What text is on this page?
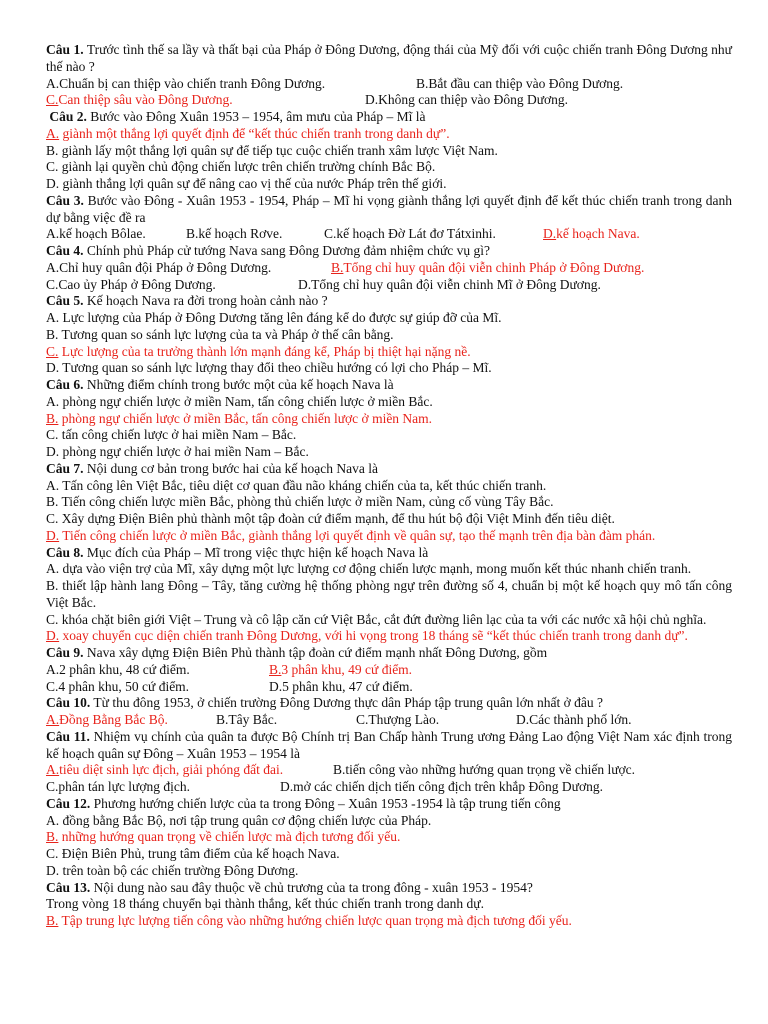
Câu 1. Trước tình thế sa lầy và thất bại của Pháp ở Đông Dương, động thái của Mỹ đối với cuộc chiến tranh Đông Dương như thế nào ?
A.Chuẩn bị can thiệp vào chiến tranh Đông Dương.	B.Bắt đầu can thiệp vào Đông Dương.
C.Can thiệp sâu vào Đông Dương.	D.Không can thiệp vào Đông Dương.
Câu 2. Bước vào Đông Xuân 1953 – 1954, âm mưu của Pháp – Mĩ là
A. giành một thắng lợi quyết định để “kết thúc chiến tranh trong danh dự”.
B. giành lấy một thắng lợi quân sự để tiếp tục cuộc chiến tranh xâm lược Việt Nam.
C. giành lại quyền chủ động chiến lược trên chiến trường chính Bắc Bộ.
D. giành thắng lợi quân sự để nâng cao vị thế của nước Pháp trên thế giới.
Câu 3. Bước vào Đông - Xuân 1953 - 1954, Pháp – Mĩ hi vọng giành thắng lợi quyết định để kết thúc chiến tranh trong danh dự bằng việc đề ra
A.kế hoạch Bôlae.	B.kế hoạch Rơve.	C.kế hoạch Đờ Lát đơ Tátxinhi.	D.kế hoạch Nava.
Câu 4. Chính phủ Pháp cử tướng Nava sang Đông Dương đảm nhiệm chức vụ gì?
A.Chỉ huy quân đội Pháp ở Đông Dương.	B.Tổng chỉ huy quân đội viễn chinh Pháp ở Đông Dương.
C.Cao ủy Pháp ở Đông Dương.	D.Tổng chỉ huy quân đội viễn chinh Mĩ ở Đông Dương.
Câu 5. Kế hoạch Nava ra đời trong hoàn cảnh nào ?
A. Lực lượng của Pháp ở Đông Dương tăng lên đáng kể do được sự giúp đỡ của Mĩ.
B. Tương quan so sánh lực lượng của ta và Pháp ở thế cân bằng.
C. Lực lượng của ta trưởng thành lớn mạnh đáng kể, Pháp bị thiệt hại nặng nề.
D. Tương quan so sánh lực lượng thay đổi theo chiều hướng có lợi cho Pháp – Mĩ.
Câu 6. Những điểm chính trong bước một của kế hoạch Nava là
A. phòng ngự chiến lược ở miền Nam, tấn công chiến lược ở miền Bắc.
B. phòng ngự chiến lược ở miền Bắc, tấn công chiến lược ở miền Nam.
C. tấn công chiến lược ở hai miền Nam – Bắc.
D. phòng ngự chiến lược ở hai miền Nam – Bắc.
Câu 7. Nội dung cơ bản trong bước hai của kế hoạch Nava là
A. Tấn công lên Việt Bắc, tiêu diệt cơ quan đầu não kháng chiến của ta, kết thúc chiến tranh.
B. Tiến công chiến lược miền Bắc, phòng thủ chiến lược ở miền Nam, củng cố vùng Tây Bắc.
C. Xây dựng Điện Biên phủ thành một tập đoàn cứ điểm mạnh, để thu hút bộ đội Việt Minh đến tiêu diệt.
D. Tiến công chiến lược ở miền Bắc, giành thắng lợi quyết định về quân sự, tạo thế mạnh trên địa bàn đàm phán.
Câu 8. Mục đích của Pháp – Mĩ trong việc thực hiện kế hoạch Nava là
A. dựa vào viện trợ của Mĩ, xây dựng một lực lượng cơ động chiến lược mạnh, mong muốn kết thúc nhanh chiến tranh.
B. thiết lập hành lang Đông – Tây, tăng cường hệ thống phòng ngự trên đường số 4, chuẩn bị một kế hoạch quy mô tấn công Việt Bắc.
C. khóa chặt biên giới Việt – Trung và cô lập căn cứ Việt Bắc, cắt đứt đường liên lạc của ta với các nước xã hội chủ nghĩa.
D. xoay chuyển cục diện chiến tranh Đông Dương, với hi vọng trong 18 tháng sẽ “kết thúc chiến tranh trong danh dự”.
Câu 9. Nava xây dựng Điện Biên Phủ thành tập đoàn cứ điểm mạnh nhất Đông Dương, gồm
A.2 phân khu, 48 cứ điểm.	B.3 phân khu, 49 cứ điểm.
C.4 phân khu, 50 cứ điểm.	D.5 phân khu, 47 cứ điểm.
Câu 10. Từ thu đông 1953, ở chiến trường Đông Dương thực dân Pháp tập trung quân lớn nhất ở đâu ?
A.Đồng Bằng Bắc Bộ.	B.Tây Bắc.	C.Thượng Lào.	D.Các thành phố lớn.
Câu 11. Nhiệm vụ chính của quân ta được Bộ Chính trị Ban Chấp hành Trung ương Đảng Lao động Việt Nam xác định trong kế hoạch quân sự Đông – Xuân 1953 – 1954 là
A.tiêu diệt sinh lực địch, giải phóng đất đai.	B.tiến công vào những hướng quan trọng về chiến lược.
C.phân tán lực lượng địch.	D.mở các chiến dịch tiến công địch trên khắp Đông Dương.
Câu 12. Phương hướng chiến lược của ta trong Đông – Xuân 1953 -1954 là tập trung tiến công
A. đồng bằng Bắc Bộ, nơi tập trung quân cơ động chiến lược của Pháp.
B. những hướng quan trọng về chiến lược mà địch tương đối yếu.
C. Điện Biên Phủ, trung tâm điểm của kế hoạch Nava.
D. trên toàn bộ các chiến trường Đông Dương.
Câu 13. Nội dung nào sau đây thuộc về chủ trương của ta trong đông - xuân 1953 - 1954?
Trong vòng 18 tháng chuyển bại thành thắng, kết thúc chiến tranh trong danh dự.
B. Tập trung lực lượng tiến công vào những hướng chiến lược quan trọng mà địch tương đối yếu.
